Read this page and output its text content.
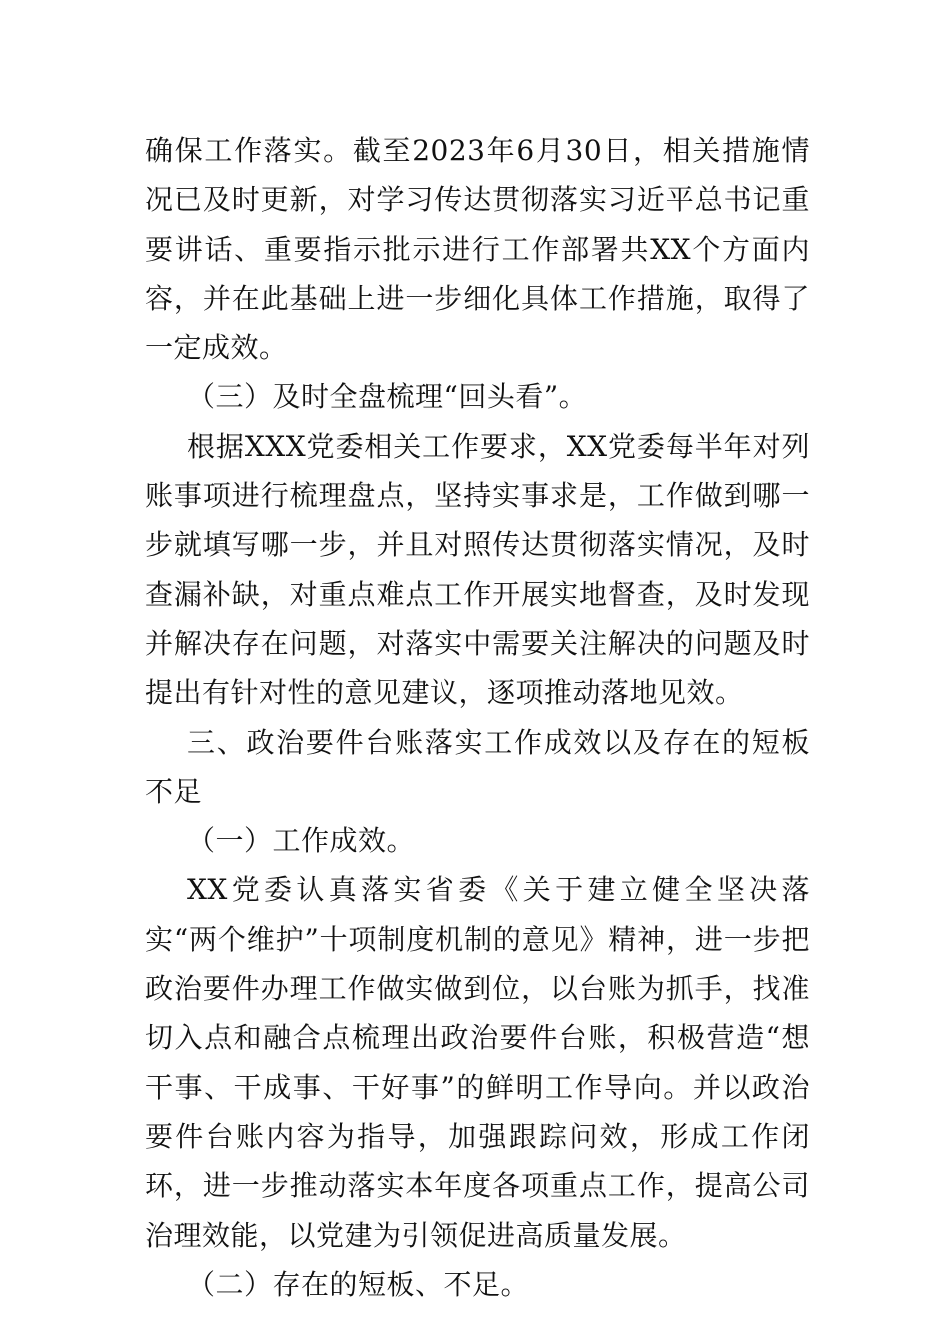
确保工作落实。截至2023年6月30日，相关措施情况已及时更新，对学习传达贯彻落实习近平总书记重要讲话、重要指示批示进行工作部署共XX个方面内容，并在此基础上进一步细化具体工作措施，取得了一定成效。

（三）及时全盘梳理“回头看”。

根据XXX党委相关工作要求，XX党委每半年对列账事项进行梳理盘点，坚持实事求是，工作做到哪一步就填写哪一步，并且对照传达贯彻落实情况，及时查漏补缺，对重点难点工作开展实地督查，及时发现并解决存在问题，对落实中需要关注解决的问题及时提出有针对性的意见建议，逐项推动落地见效。

三、政治要件台账落实工作成效以及存在的短板不足

（一）工作成效。

XX党委认真落实省委《关于建立健全坚决落实“两个维护”十项制度机制的意见》精神，进一步把政治要件办理工作做实做到位，以台账为抓手，找准切入点和融合点梳理出政治要件台账，积极营造“想干事、干成事、干好事”的鲜明工作导向。并以政治要件台账内容为指导，加强跟踪问效，形成工作闭环，进一步推动落实本年度各项重点工作，提高公司治理效能，以党建为引领促进高质量发展。

（二）存在的短板、不足。
